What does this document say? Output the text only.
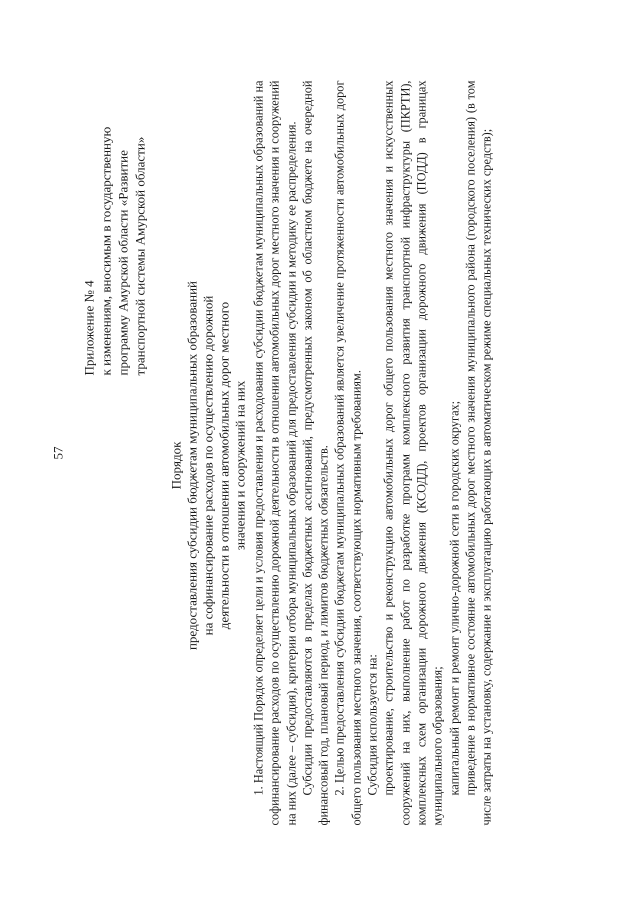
57
Приложение № 4 к изменениям, вносимым в государственную программу Амурской области «Развитие транспортной системы Амурской области»
Порядок предоставления субсидии бюджетам муниципальных образований на софинансирование расходов по осуществлению дорожной деятельности в отношении автомобильных дорог местного значения и сооружений на них 1. Настоящий Порядок определяет цели и условия предоставления и расходования субсидии бюджетам муниципальных образований на софинансирование расходов по осуществлению дорожной деятельности в отношении автомобильных дорог местного значения и сооружений на них (далее – субсидия), критерии отбора муниципальных образований для предоставления субсидии и методику ее распределения. Субсидии предоставляются в пределах бюджетных ассигнований, предусмотренных законом об областном бюджете на очередной финансовый год, плановый период, и лимитов бюджетных обязательств. 2. Целью предоставления субсидии бюджетам муниципальных образований является увеличение протяженности автомобильных дорог общего пользования местного значения, соответствующих нормативным требованиям. Субсидия используется на: проектирование, строительство и реконструкцию автомобильных дорог общего пользования местного значения и искусственных сооружений на них, выполнение работ по разработке программ комплексного развития транспортной инфраструктуры (ПКРТИ), комплексных схем организации дорожного движения (КСОДД), проектов организации дорожного движения (ПОДД) в границах муниципального образования; капитальный ремонт и ремонт улично-дорожной сети в городских округах; приведение в нормативное состояние автомобильных дорог местного значения муниципального района (городского поселения) (в том числе затраты на установку, содержание и эксплуатацию работающих в автоматическом режиме специальных технических средств);
